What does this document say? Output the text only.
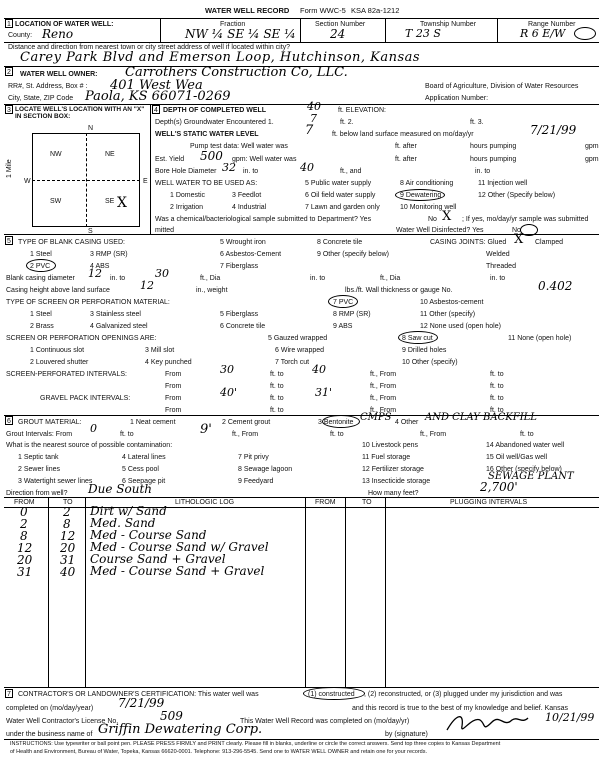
WATER WELL RECORD Form WWC-5 KSA 82a-1212
1 LOCATION OF WATER WELL:
County: Reno
Fraction
NW ¼ SE ¼ SE ¼
Section Number
24
Township Number
T 23 S
Range Number
R 6 E/W
Distance and direction from nearest town or city street address of well if located within city?
Carey Park Blvd and Emerson Loop, Hutchinson, Kansas
2 WATER WELL OWNER: Carrothers Construction Co, LLC.
RR#, St. Address, Box # : 401 West Wea	Board of Agriculture, Division of Water Resources
City, State, ZIP Code Paola, KS 66071-0269	Application Number:
3 LOCATE WELL'S LOCATION WITH AN "X" IN SECTION BOX:
N
S
W	E
1 Mile
NW	NE
SW	SE X
4 DEPTH OF COMPLETED WELL	40 ft. ELEVATION:
Depth(s) Groundwater Encountered 1.	7	ft. 2.	ft. 3.
WELL'S STATIC WATER LEVEL	7	ft. below land surface measured on mo/day/yr	7/21/99
Pump test data: Well water was	ft. after	hours pumping	gpm
Est. Yield 500 gpm: Well water was	ft. after	hours pumping	gpm
Bore Hole Diameter 32 in. to	40	ft., and	in. to
WELL WATER TO BE USED AS:
1 Domestic	3 Feedlot
5 Public water supply	8 Air conditioning	11 Injection well
2 Irrigation	4 Industrial
6 Oil field water supply	9 Dewatering	12 Other (Specify below)
7 Lawn and garden only	10 Monitoring well
Was a chemical/bacteriological sample submitted to Department? Yes	No X ; If yes, mo/day/yr sample was submitted
mitted	Water Well Disinfected? Yes	No
5 TYPE OF BLANK CASING USED:
1 Steel	3 RMP (SR)
5 Wrought iron	8 Concrete tile
2 PVC	4 ABS
6 Asbestos-Cement	9 Other (specify below)
7 Fiberglass
CASING JOINTS: Glued X Clamped
Welded
Threaded
Blank casing diameter 12 in. to	30	ft., Dia	in. to	ft., Dia	in. to
Casing height above land surface	12	in., weight	lbs./ft. Wall thickness or gauge No.	0.402
TYPE OF SCREEN OR PERFORATION MATERIAL:
1 Steel	3 Stainless steel	5 Fiberglass
7 PVC	10 Asbestos-cement
2 Brass	4 Galvanized steel	6 Concrete tile
8 RMP (SR)
9 ABS
11 Other (specify)
12 None used (open hole)
SCREEN OR PERFORATION OPENINGS ARE:	5 Gauzed wrapped	8 Saw cut	11 None (open hole)
1 Continuous slot	3 Mill slot	6 Wire wrapped	9 Drilled holes
2 Louvered shutter	4 Key punched	7 Torch cut	10 Other (specify)
SCREEN-PERFORATED INTERVALS:	From	30	ft. to	40	ft., From	ft. to
From	ft. to	ft., From	ft. to
GRAVEL PACK INTERVALS:	From	40'	ft. to	31'	ft., From	ft. to
From	ft. to	ft., From	ft. to
6 GROUT MATERIAL:	1 Neat cement	2 Cement grout	3 Bentonite CMPS 4 Other AND CLAY BACKFILL
Grout Intervals: From 0	ft. to	9'	ft., From	ft. to	ft., From	ft. to
What is the nearest source of possible contamination:
1 Septic tank	4 Lateral lines	7 Pit privy
10 Livestock pens	14 Abandoned water well
2 Sewer lines	5 Cess pool	8 Sewage lagoon
11 Fuel storage	15 Oil well/Gas well
3 Watertight sewer lines	6 Seepage pit	9 Feedyard
12 Fertilizer storage	16 Other (specify below)
13 Insecticide storage	SEWAGE PLANT
Direction from well? Due South	How many feet?	2,700'
FROM	TO	LITHOLOGIC LOG	FROM	TO	PLUGGING INTERVALS
0	2 Dirt w/ Sand
2	8 Med. Sand
8	12 Med - Course Sand
12 20 Med - Course Sand w/ Gravel
20 31 Course Sand + Gravel
31 40 Med - Course Sand + Gravel
7 CONTRACTOR'S OR LANDOWNER'S CERTIFICATION: This water well was	(1) constructed , (2) reconstructed, or (3) plugged under my jurisdiction and was
completed on (mo/day/year) 7/21/99	and this record is true to the best of my knowledge and belief. Kansas
Water Well Contractor's License No.	509	This Water Well Record was completed on (mo/day/yr)	10/21/99
under the business name of Griffin Dewatering Corp.	by (signature)
INSTRUCTIONS: Use typewriter or ball point pen. PLEASE PRESS FIRMLY and PRINT clearly. Please fill in blanks, underline or circle the correct answers. Send top three copies to Kansas Department
of Health and Environment, Bureau of Water, Topeka, Kansas 66620-0001. Telephone: 913-296-5545. Send one to WATER WELL OWNER and retain one for your records.
